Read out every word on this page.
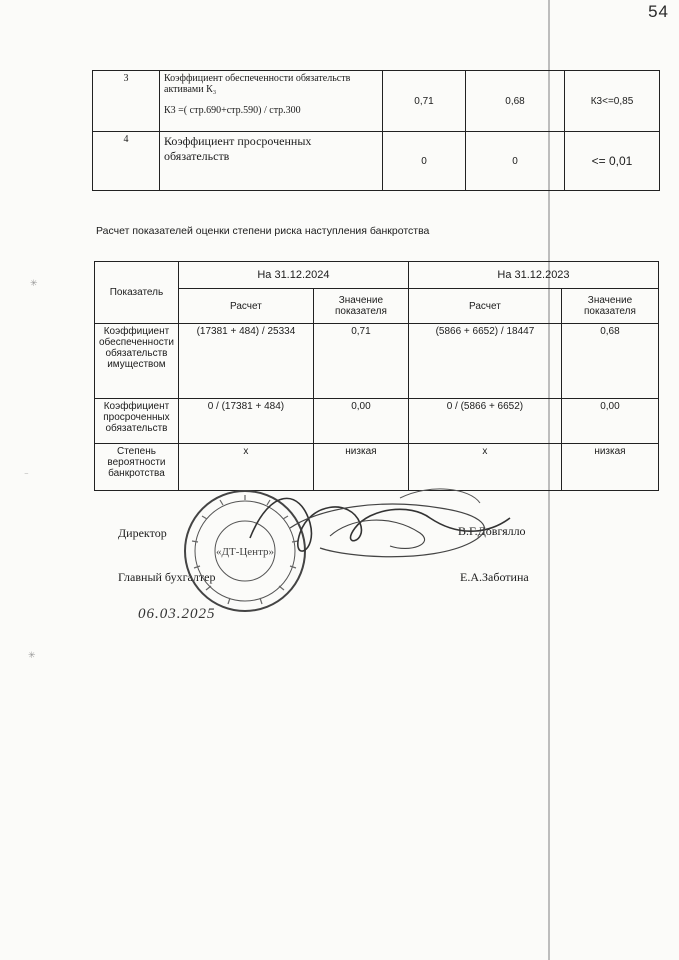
54
3	Коэффициент обеспеченности обязательств активами К₃
К3 =( стр.690+стр.590) / стр.300	0,71	0,68	К3<=0,85
4	Коэффициент просроченных обязательств	0	0	<= 0,01
Расчет показателей оценки степени риска наступления банкротства
Показатель	На 31.12.2024		На 31.12.2023	
	Расчет	Значение показателя	Расчет	Значение показателя
Коэффициент обеспеченности обязательств имуществом	(17381 + 484) / 25334	0,71	(5866 + 6652) / 18447	0,68
Коэффициент просроченных обязательств	0 / (17381 + 484)	0,00	0 / (5866 + 6652)	0,00
Степень вероятности банкротства	х	низкая	х	низкая
Директор	В.Г.Довгялло
Главный бухгалтер	Е.А.Заботина
«ДТ-Центр»
06.03.2025
✳
⁻
✳
